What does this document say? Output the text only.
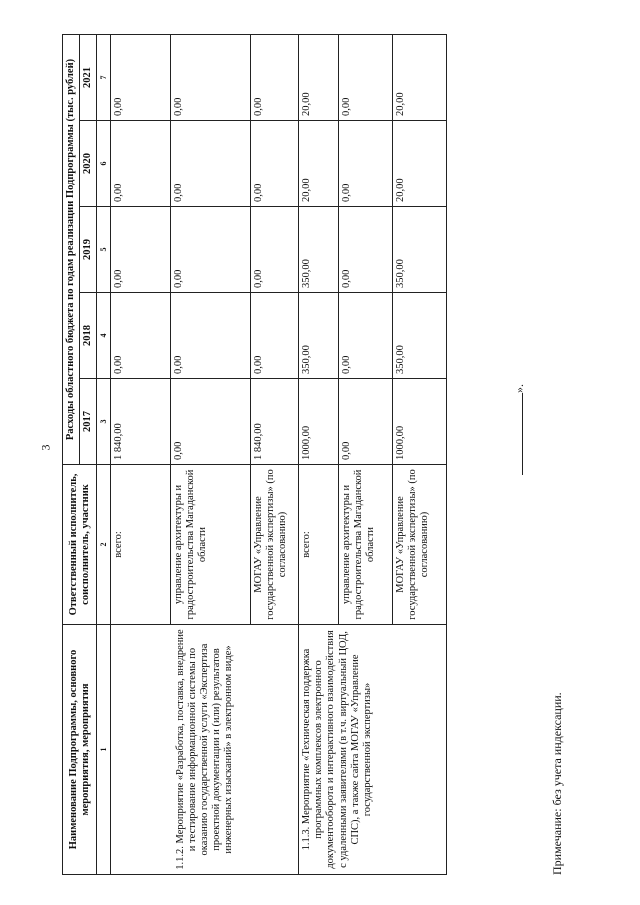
3
Наименование Подпрограммы, основного мероприятия, мероприятия	Ответственный исполнитель, соисполнитель, участник	Расходы областного бюджета по годам реализации Подпрограммы (тыс. рублей)				
		2017	2018	2019	2020	2021
1	2	3	4	5	6	7
1.1.2. Мероприятие «Разработка, поставка, внедрение и тестирование информационной системы по оказанию государственной услуги «Экспертиза проектной документации и (или) результатов инженерных изысканий» в электронном виде»	всего:	1 840,00	0,00	0,00	0,00	0,00
	управление архитектуры и градостроительства Магаданской области	0,00	0,00	0,00	0,00	0,00
	МОГАУ «Управление государственной экспертизы» (по согласованию)	1 840,00	0,00	0,00	0,00	0,00
1.1.3. Мероприятие «Техническая поддержка программных комплексов электронного документооборота и интерактивного взаимодействия с удаленными заявителями (в т.ч. виртуальный ЦОД, СПС), а также сайта МОГАУ «Управление государственной экспертизы»	всего:	1000,00	350,00	350,00	20,00	20,00
	управление архитектуры и градостроительства Магаданской области	0,00	0,00	0,00	0,00	0,00
	МОГАУ «Управление государственной экспертизы» (по согласованию)	1000,00	350,00	350,00	20,00	20,00
».
Примечание: без учета индексации.
